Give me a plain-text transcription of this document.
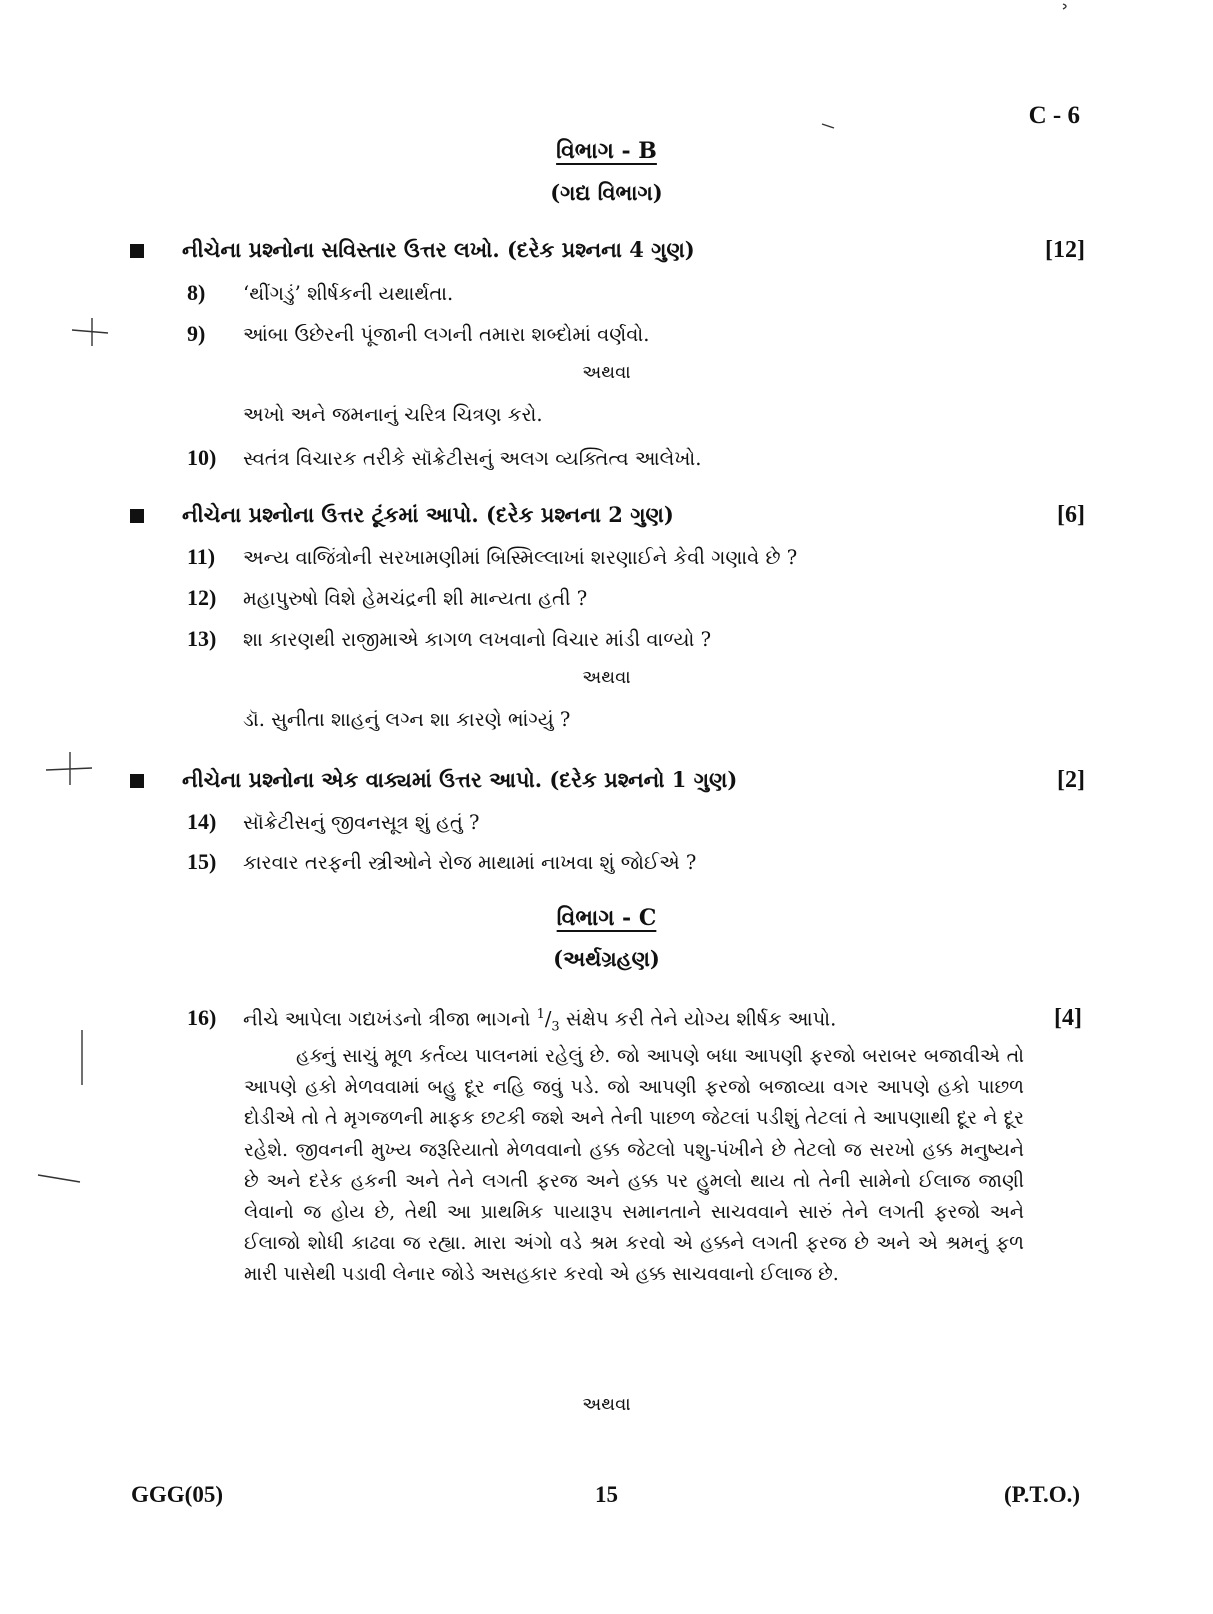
C - 6
વિભાગ - B
(ગદ્ય વિભાગ)
નીચેના પ્રશ્નોના સવિસ્તાર ઉત્તર લખો. (દરેક પ્રશ્નના 4 ગુણ)	[12]
8)	‘થીંગડું’ શીર્ષકની યથાર્થતા.
9)	આંબા ઉછેરની પૂંજાની લગની તમારા શબ્દોમાં વર્ણવો.
અથવા
અખો અને જમનાનું ચરિત્ર ચિત્રણ કરો.
10)	સ્વતંત્ર વિચારક તરીકે સૉક્રેટીસનું અલગ વ્યક્તિત્વ આલેખો.
નીચેના પ્રશ્નોના ઉત્તર ટૂંકમાં આપો. (દરેક પ્રશ્નના 2 ગુણ)	[6]
11)	અન્ય વાજિંત્રોની સરખામણીમાં બિસ્મિલ્લાખાં શરણાઈને કેવી ગણાવે છે ?
12)	મહાપુરુષો વિશે હેમચંદ્રની શી માન્યતા હતી ?
13)	શા કારણથી રાજીમાએ કાગળ લખવાનો વિચાર માંડી વાળ્યો ?
અથવા
ડૉ. સુનીતા શાહનું લગ્ન શા કારણે ભાંગ્યું ?
નીચેના પ્રશ્નોના એક વાક્યમાં ઉત્તર આપો. (દરેક પ્રશ્નનો 1 ગુણ)	[2]
14)	સૉક્રેટીસનું જીવનસૂત્ર શું હતું ?
15)	કારવાર તરફની સ્ત્રીઓને રોજ માથામાં નાખવા શું જોઈએ ?
વિભાગ - C
(અર્થગ્રહણ)
16)	નીચે આપેલા ગદ્યખંડનો ત્રીજા ભાગનો $^1/_3$ સંક્ષેપ કરી તેને યોગ્ય શીર્ષક આપો.	[4]

હક્નું સાચું મૂળ કર્તવ્ય પાલનમાં રહેલું છે. જો આપણે બધા આપણી ફરજો બરાબર બજાવીએ તો આપણે હકો મેળવવામાં બહુ દૂર નહિ જવું પડે. જો આપણી ફરજો બજાવ્યા વગર આપણે હકો પાછળ દોડીએ તો તે મૃગજળની માફક છટકી જશે અને તેની પાછળ જેટલાં પડીશું તેટલાં તે આપણાથી દૂર ને દૂર રહેશે. જીવનની મુખ્ય જરૂરિયાતો મેળવવાનો હક્ક જેટલો પશુ-પંખીને છે તેટલો જ સરખો હક્ક મનુષ્યને છે અને દરેક હકની અને તેને લગતી ફરજ અને હક્ક પર હુમલો થાય તો તેની સામેનો ઈલાજ જાણી લેવાનો જ હોય છે, તેથી આ પ્રાથમિક પાયારૂપ સમાનતાને સાચવવાને સારું તેને લગતી ફરજો અને ઈલાજો શોધી કાઢવા જ રહ્યા. મારા અંગો વડે શ્રમ કરવો એ હક્કને લગતી ફરજ છે અને એ શ્રમનું ફળ મારી પાસેથી પડાવી લેનાર જોડે અસહકાર કરવો એ હક્ક સાચવવાનો ઈલાજ છે.

અથવા
GGG(05)	15	(P.T.O.)
